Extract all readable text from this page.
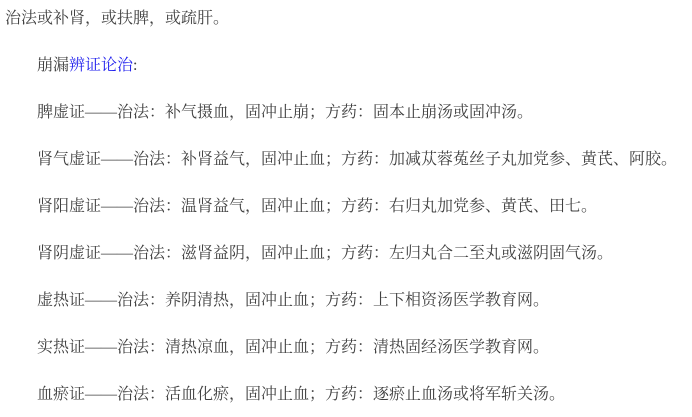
治法或补肾，或扶脾，或疏肝。

崩漏辨证论治:

脾虚证——治法：补气摄血，固冲止崩；方药：固本止崩汤或固冲汤。

肾气虚证——治法：补肾益气，固冲止血；方药：加减苁蓉菟丝子丸加党参、黄芪、阿胶。

肾阳虚证——治法：温肾益气，固冲止血；方药：右归丸加党参、黄芪、田七。

肾阴虚证——治法：滋肾益阴，固冲止血；方药：左归丸合二至丸或滋阴固气汤。

虚热证——治法：养阴清热，固冲止血；方药：上下相资汤医学教育网。

实热证——治法：清热凉血，固冲止血；方药：清热固经汤医学教育网。

血瘀证——治法：活血化瘀，固冲止血；方药：逐瘀止血汤或将军斩关汤。
